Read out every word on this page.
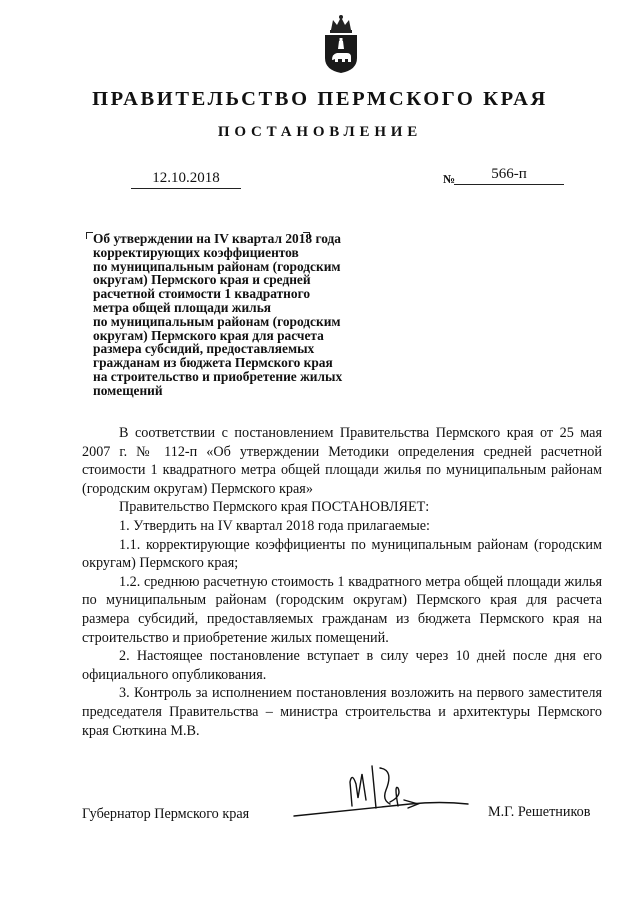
ПРАВИТЕЛЬСТВО ПЕРМСКОГО КРАЯ
ПОСТАНОВЛЕНИЕ
12.10.2018	№	566-п
Об утверждении на IV квартал 2018 года
корректирующих коэффициентов
по муниципальным районам (городским
округам) Пермского края и средней
расчетной стоимости 1 квадратного
метра общей площади жилья
по муниципальным районам (городским
округам) Пермского края для расчета
размера субсидий, предоставляемых
гражданам из бюджета Пермского края
на строительство и приобретение жилых
помещений

В соответствии с постановлением Правительства Пермского края от 25 мая 2007 г. № 112-п «Об утверждении Методики определения средней расчетной стоимости 1 квадратного метра общей площади жилья по муниципальным районам (городским округам) Пермского края»

Правительство Пермского края ПОСТАНОВЛЯЕТ:

1. Утвердить на IV квартал 2018 года прилагаемые:

1.1. корректирующие коэффициенты по муниципальным районам (городским округам) Пермского края;

1.2. среднюю расчетную стоимость 1 квадратного метра общей площади жилья по муниципальным районам (городским округам) Пермского края для расчета размера субсидий, предоставляемых гражданам из бюджета Пермского края на строительство и приобретение жилых помещений.

2. Настоящее постановление вступает в силу через 10 дней после дня его официального опубликования.

3. Контроль за исполнением постановления возложить на первого заместителя председателя Правительства – министра строительства и архитектуры Пермского края Сюткина М.В.

Губернатор Пермского края	М.Г. Решетников
